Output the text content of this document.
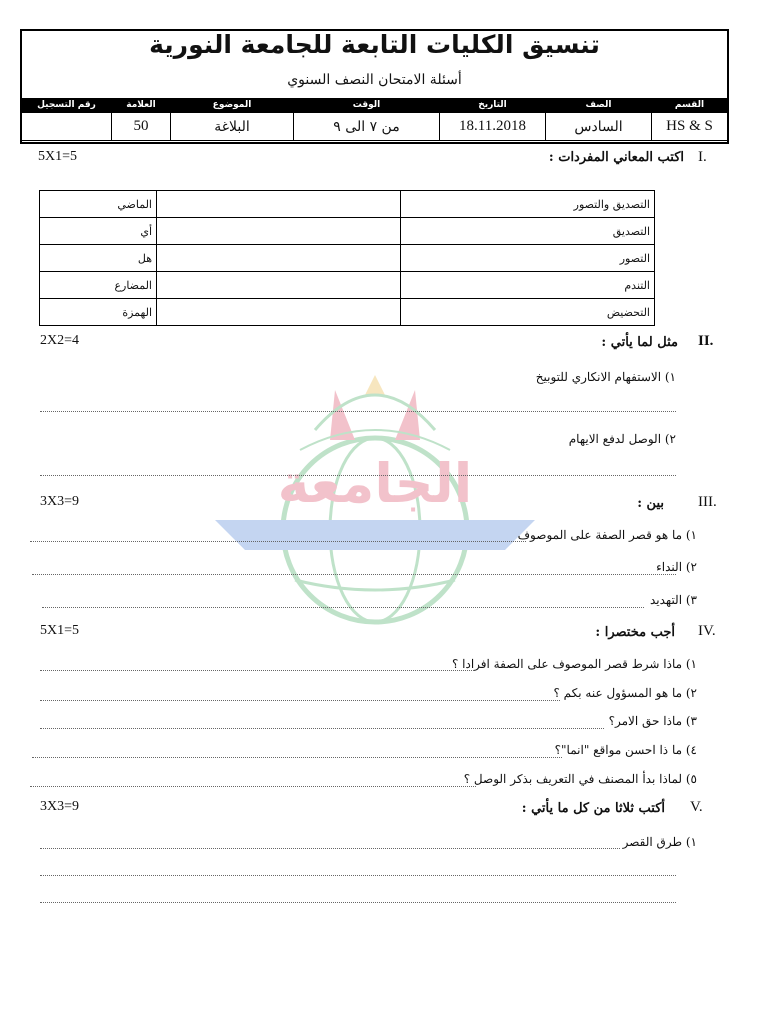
تنسيق الكليات التابعة للجامعة النورية
أسئلة الامتحان النصف السنوي
القسم	الصف	التاريخ	الوقت	الموضوع	العلامة	رقم التسجيل
HS & S	السادس	18.11.2018	من ٧ الى ٩	البلاغة	50	
الجامعة
I.
اكتب المعاني المفردات :
5X1=5
التصديق والتصور		الماضي
التصديق		أي
التصور		هل
التندم		المضارع
التحضيض		الهمزة
II.
مثل لما يأتي :
2X2=4
١) الاستفهام الانكاري للتوبيخ
٢) الوصل لدفع الايهام
III.
بين :
3X3=9
١) ما هو قصر الصفة على الموصوف
٢) النداء
٣) التهديد
IV.
أجب مختصرا :
5X1=5
١) ماذا شرط قصر الموصوف على الصفة افرادا ؟
٢) ما هو المسؤول عنه بكم ؟
٣) ماذا حق الامر؟
٤) ما ذا احسن مواقع "انما"؟
٥) لماذا بدأ المصنف في التعريف بذكر الوصل ؟
V.
أكتب ثلاثا من كل ما يأتي :
3X3=9
١) طرق القصر
